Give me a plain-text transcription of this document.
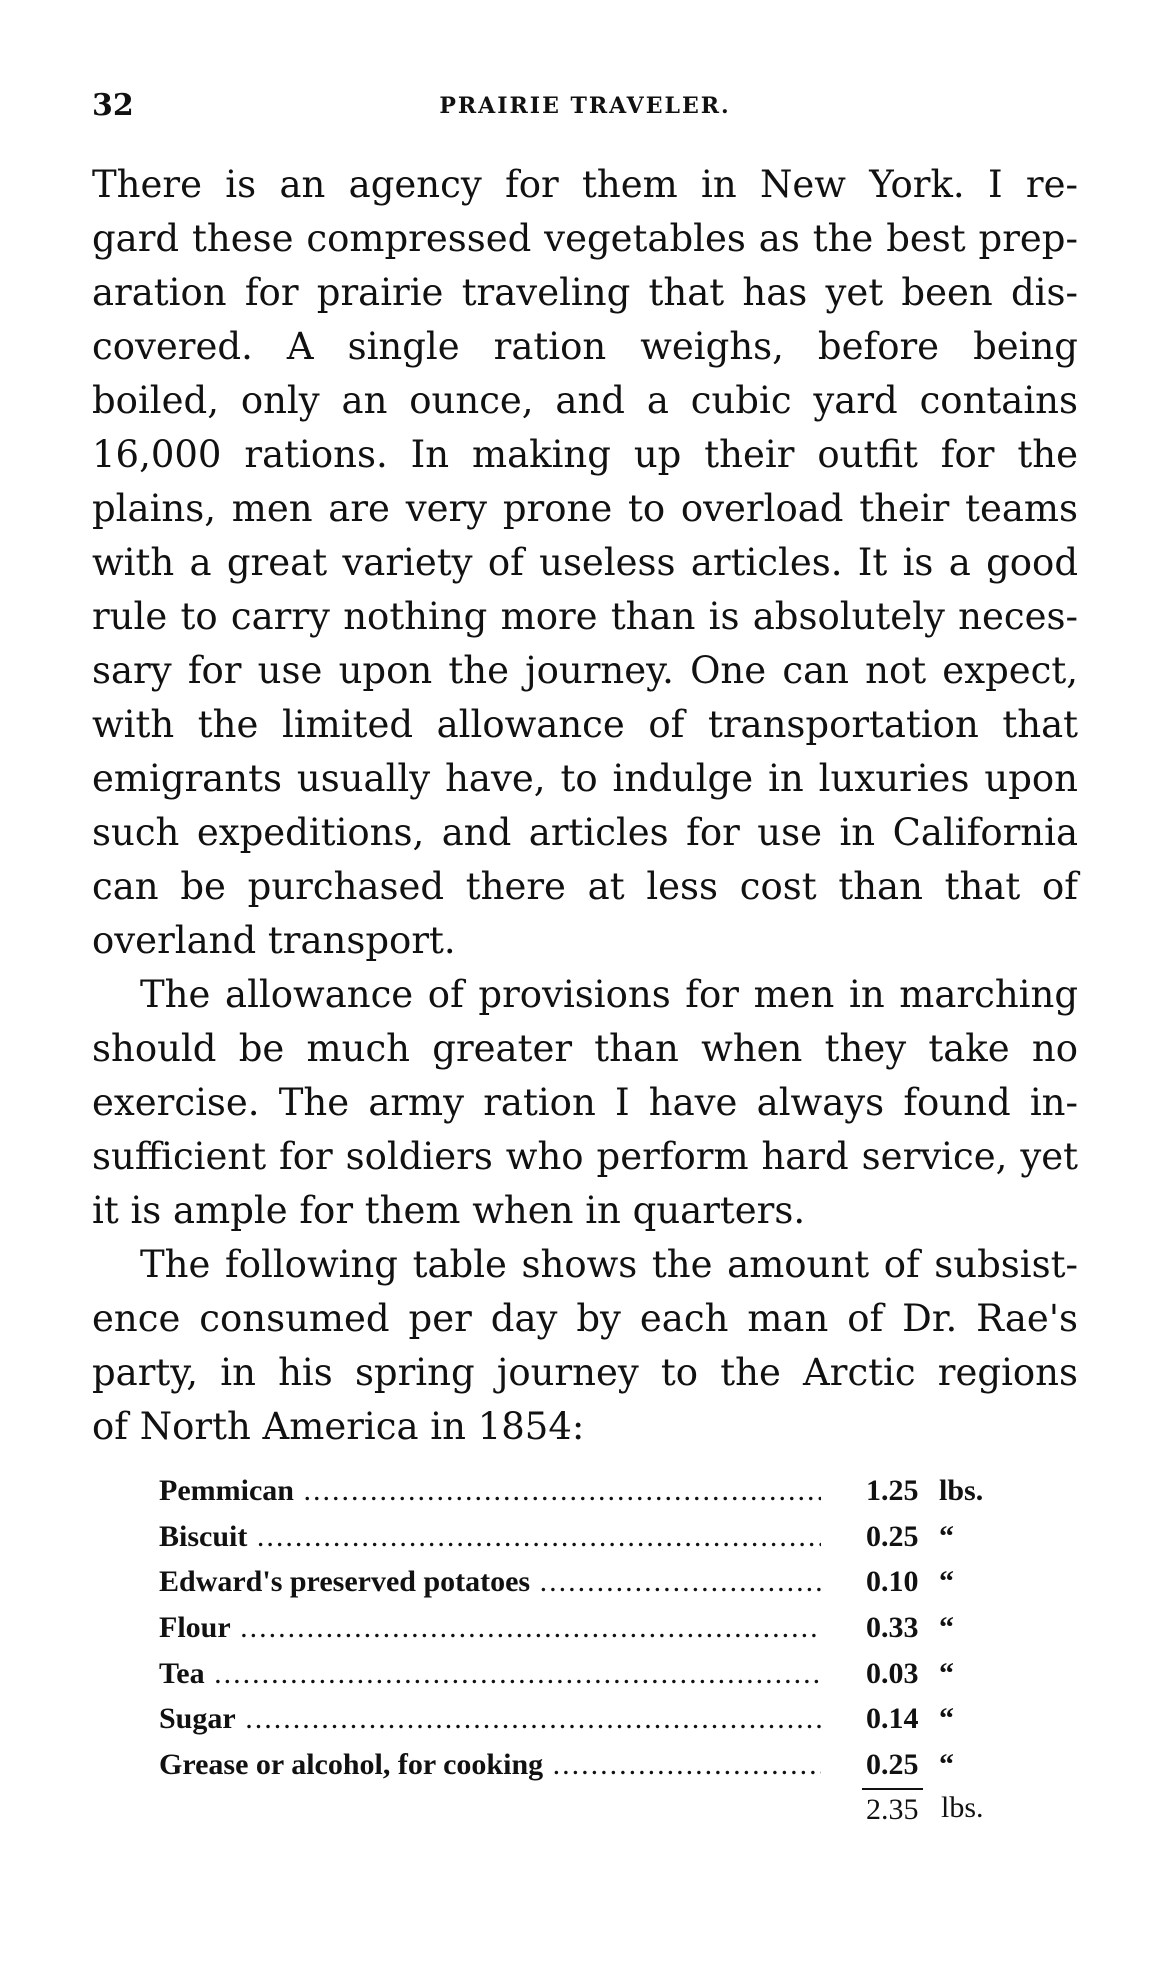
32	PRAIRIE TRAVELER.
There is an agency for them in New York. I re-
gard these compressed vegetables as the best prep-
aration for prairie traveling that has yet been dis-
covered. A single ration weighs, before being
boiled, only an ounce, and a cubic yard contains
16,000 rations. In making up their outfit for the
plains, men are very prone to overload their teams
with a great variety of useless articles. It is a good
rule to carry nothing more than is absolutely neces-
sary for use upon the journey. One can not expect,
with the limited allowance of transportation that
emigrants usually have, to indulge in luxuries upon
such expeditions, and articles for use in California
can be purchased there at less cost than that of
overland transport.
The allowance of provisions for men in marching
should be much greater than when they take no
exercise. The army ration I have always found in-
sufficient for soldiers who perform hard service, yet
it is ample for them when in quarters.
The following table shows the amount of subsist-
ence consumed per day by each man of Dr. Rae's
party, in his spring journey to the Arctic regions
of North America in 1854:
Pemmican .....	1.25 lbs.
Biscuit .....	0.25 “
Edward's preserved potatoes .....	0.10 “
Flour .....	0.33 “
Tea .....	0.03 “
Sugar .....	0.14 “
Grease or alcohol, for cooking .....	0.25 “
2.35 lbs.
